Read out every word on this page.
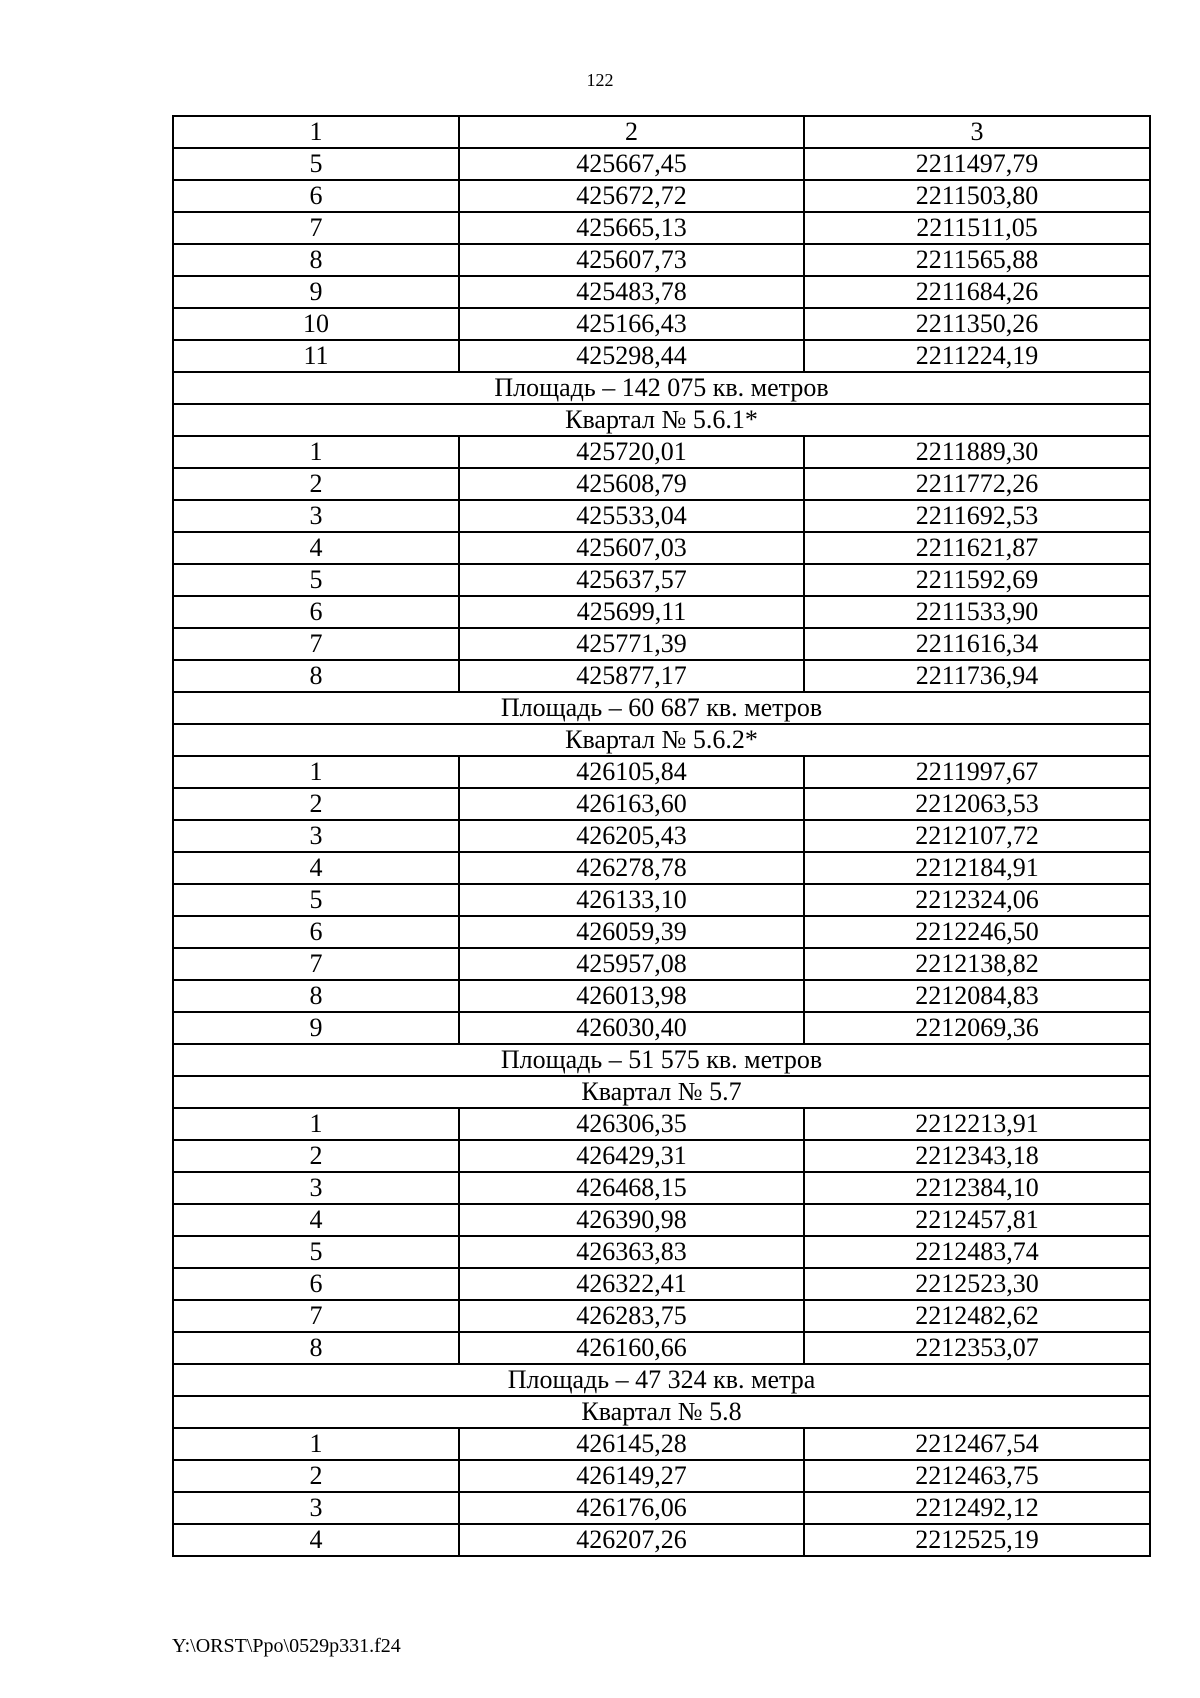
122
1	2	3
5	425667,45	2211497,79
6	425672,72	2211503,80
7	425665,13	2211511,05
8	425607,73	2211565,88
9	425483,78	2211684,26
10	425166,43	2211350,26
11	425298,44	2211224,19
Площадь – 142 075 кв. метров		
Квартал № 5.6.1*		
1	425720,01	2211889,30
2	425608,79	2211772,26
3	425533,04	2211692,53
4	425607,03	2211621,87
5	425637,57	2211592,69
6	425699,11	2211533,90
7	425771,39	2211616,34
8	425877,17	2211736,94
Площадь – 60 687 кв. метров		
Квартал № 5.6.2*		
1	426105,84	2211997,67
2	426163,60	2212063,53
3	426205,43	2212107,72
4	426278,78	2212184,91
5	426133,10	2212324,06
6	426059,39	2212246,50
7	425957,08	2212138,82
8	426013,98	2212084,83
9	426030,40	2212069,36
Площадь – 51 575 кв. метров		
Квартал № 5.7		
1	426306,35	2212213,91
2	426429,31	2212343,18
3	426468,15	2212384,10
4	426390,98	2212457,81
5	426363,83	2212483,74
6	426322,41	2212523,30
7	426283,75	2212482,62
8	426160,66	2212353,07
Площадь – 47 324 кв. метра		
Квартал № 5.8		
1	426145,28	2212467,54
2	426149,27	2212463,75
3	426176,06	2212492,12
4	426207,26	2212525,19
Y:\ORST\Ppo\0529p331.f24
